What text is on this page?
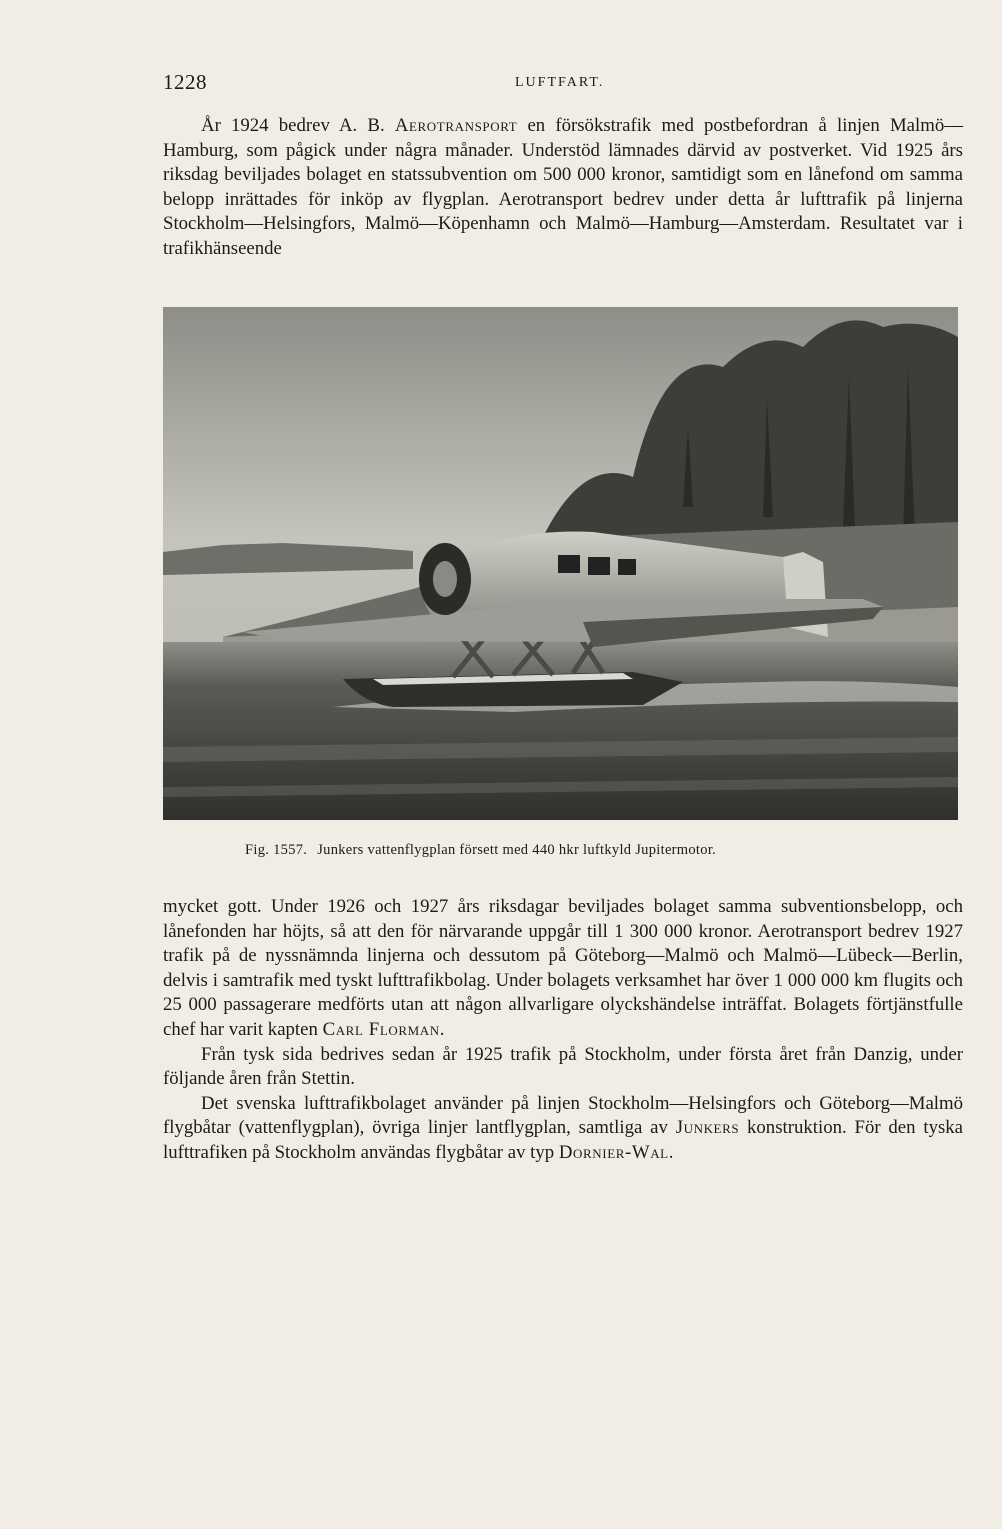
1228	LUFTFART.

År 1924 bedrev A. B. Aerotransport en försökstrafik med postbefordran å linjen Malmö—Hamburg, som pågick under några månader. Understöd lämnades därvid av postverket. Vid 1925 års riksdag beviljades bolaget en statssubvention om 500 000 kronor, samtidigt som en lånefond om samma belopp inrättades för inköp av flygplan. Aerotransport bedrev under detta år lufttrafik på linjerna Stockholm—Helsingfors, Malmö—Köpenhamn och Malmö—Hamburg—Amsterdam. Resultatet var i trafikhänseende

Fig. 1557. Junkers vattenflygplan försett med 440 hkr luftkyld Jupitermotor.

mycket gott. Under 1926 och 1927 års riksdagar beviljades bolaget samma subventionsbelopp, och lånefonden har höjts, så att den för närvarande uppgår till 1 300 000 kronor. Aerotransport bedrev 1927 trafik på de nyssnämnda linjerna och dessutom på Göteborg—Malmö och Malmö—Lübeck—Berlin, delvis i samtrafik med tyskt lufttrafikbolag. Under bolagets verksamhet har över 1 000 000 km flugits och 25 000 passagerare medförts utan att någon allvarligare olyckshändelse inträffat. Bolagets förtjänstfulle chef har varit kapten Carl Florman.

Från tysk sida bedrives sedan år 1925 trafik på Stockholm, under första året från Danzig, under följande åren från Stettin.

Det svenska lufttrafikbolaget använder på linjen Stockholm—Helsingfors och Göteborg—Malmö flygbåtar (vattenflygplan), övriga linjer lantflygplan, samtliga av Junkers konstruktion. För den tyska lufttrafiken på Stockholm användas flygbåtar av typ Dornier-Wal.
